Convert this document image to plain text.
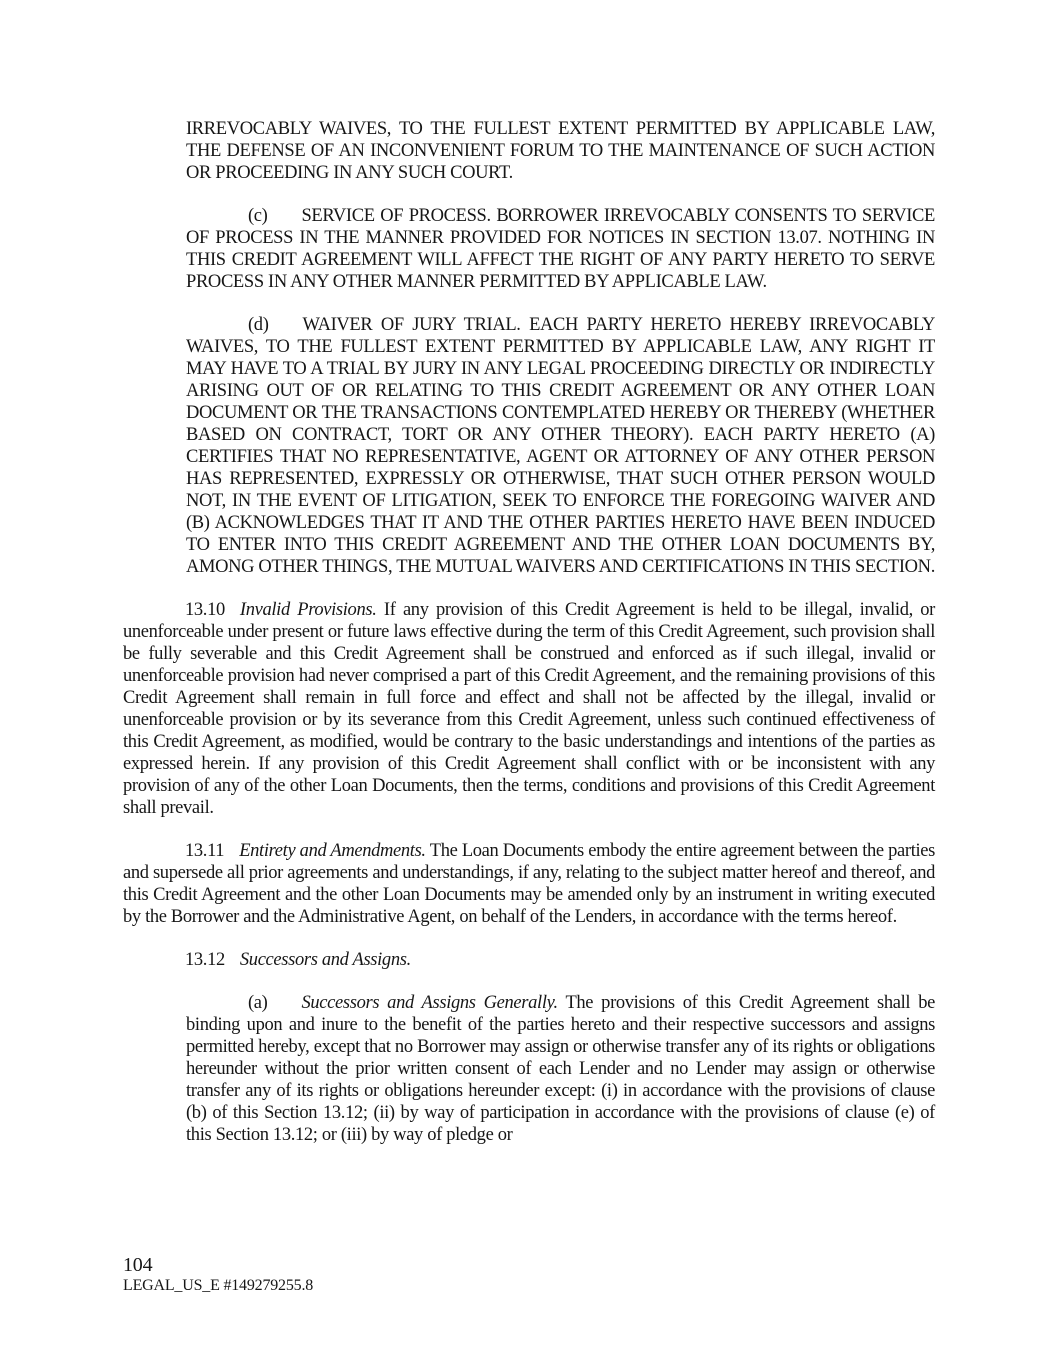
IRREVOCABLY WAIVES, TO THE FULLEST EXTENT PERMITTED BY APPLICABLE LAW, THE DEFENSE OF AN INCONVENIENT FORUM TO THE MAINTENANCE OF SUCH ACTION OR PROCEEDING IN ANY SUCH COURT.

(c) SERVICE OF PROCESS. BORROWER IRREVOCABLY CONSENTS TO SERVICE OF PROCESS IN THE MANNER PROVIDED FOR NOTICES IN SECTION 13.07. NOTHING IN THIS CREDIT AGREEMENT WILL AFFECT THE RIGHT OF ANY PARTY HERETO TO SERVE PROCESS IN ANY OTHER MANNER PERMITTED BY APPLICABLE LAW.

(d) WAIVER OF JURY TRIAL. EACH PARTY HERETO HEREBY IRREVOCABLY WAIVES, TO THE FULLEST EXTENT PERMITTED BY APPLICABLE LAW, ANY RIGHT IT MAY HAVE TO A TRIAL BY JURY IN ANY LEGAL PROCEEDING DIRECTLY OR INDIRECTLY ARISING OUT OF OR RELATING TO THIS CREDIT AGREEMENT OR ANY OTHER LOAN DOCUMENT OR THE TRANSACTIONS CONTEMPLATED HEREBY OR THEREBY (WHETHER BASED ON CONTRACT, TORT OR ANY OTHER THEORY). EACH PARTY HERETO (A) CERTIFIES THAT NO REPRESENTATIVE, AGENT OR ATTORNEY OF ANY OTHER PERSON HAS REPRESENTED, EXPRESSLY OR OTHERWISE, THAT SUCH OTHER PERSON WOULD NOT, IN THE EVENT OF LITIGATION, SEEK TO ENFORCE THE FOREGOING WAIVER AND (B) ACKNOWLEDGES THAT IT AND THE OTHER PARTIES HERETO HAVE BEEN INDUCED TO ENTER INTO THIS CREDIT AGREEMENT AND THE OTHER LOAN DOCUMENTS BY, AMONG OTHER THINGS, THE MUTUAL WAIVERS AND CERTIFICATIONS IN THIS SECTION.

13.10 Invalid Provisions. If any provision of this Credit Agreement is held to be illegal, invalid, or unenforceable under present or future laws effective during the term of this Credit Agreement, such provision shall be fully severable and this Credit Agreement shall be construed and enforced as if such illegal, invalid or unenforceable provision had never comprised a part of this Credit Agreement, and the remaining provisions of this Credit Agreement shall remain in full force and effect and shall not be affected by the illegal, invalid or unenforceable provision or by its severance from this Credit Agreement, unless such continued effectiveness of this Credit Agreement, as modified, would be contrary to the basic understandings and intentions of the parties as expressed herein. If any provision of this Credit Agreement shall conflict with or be inconsistent with any provision of any of the other Loan Documents, then the terms, conditions and provisions of this Credit Agreement shall prevail.

13.11 Entirety and Amendments. The Loan Documents embody the entire agreement between the parties and supersede all prior agreements and understandings, if any, relating to the subject matter hereof and thereof, and this Credit Agreement and the other Loan Documents may be amended only by an instrument in writing executed by the Borrower and the Administrative Agent, on behalf of the Lenders, in accordance with the terms hereof.

13.12 Successors and Assigns.

(a) Successors and Assigns Generally. The provisions of this Credit Agreement shall be binding upon and inure to the benefit of the parties hereto and their respective successors and assigns permitted hereby, except that no Borrower may assign or otherwise transfer any of its rights or obligations hereunder without the prior written consent of each Lender and no Lender may assign or otherwise transfer any of its rights or obligations hereunder except: (i) in accordance with the provisions of clause (b) of this Section 13.12; (ii) by way of participation in accordance with the provisions of clause (e) of this Section 13.12; or (iii) by way of pledge or

104
LEGAL_US_E #149279255.8
